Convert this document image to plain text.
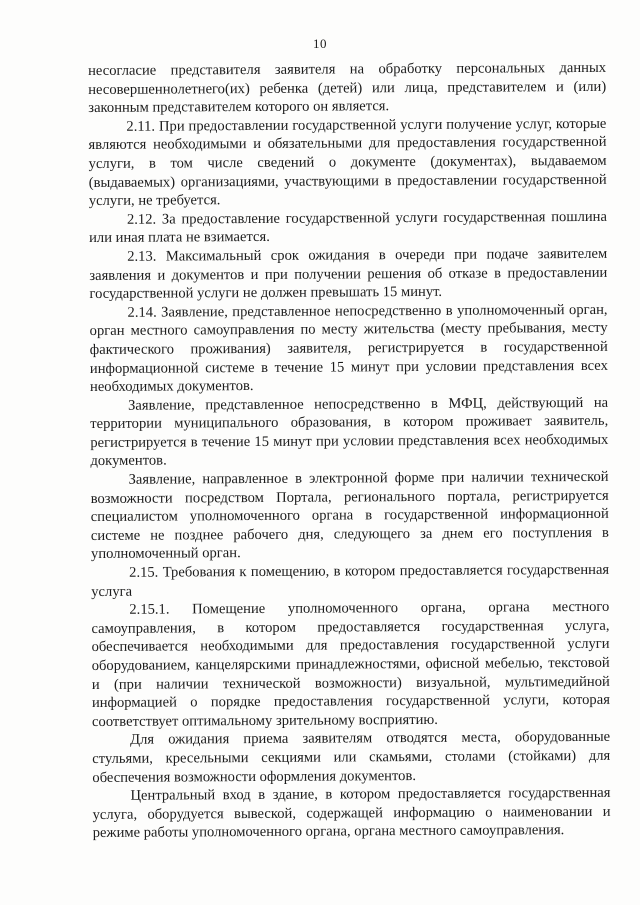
10

несогласие представителя заявителя на обработку персональных данных несовершеннолетнего(их) ребенка (детей) или лица, представителем и (или) законным представителем которого он является.

2.11. При предоставлении государственной услуги получение услуг, которые являются необходимыми и обязательными для предоставления государственной услуги, в том числе сведений о документе (документах), выдаваемом (выдаваемых) организациями, участвующими в предоставлении государственной услуги, не требуется.

2.12. За предоставление государственной услуги государственная пошлина или иная плата не взимается.

2.13. Максимальный срок ожидания в очереди при подаче заявителем заявления и документов и при получении решения об отказе в предоставлении государственной услуги не должен превышать 15 минут.

2.14. Заявление, представленное непосредственно в уполномоченный орган, орган местного самоуправления по месту жительства (месту пребывания, месту фактического проживания) заявителя, регистрируется в государственной информационной системе в течение 15 минут при условии представления всех необходимых документов.

Заявление, представленное непосредственно в МФЦ, действующий на территории муниципального образования, в котором проживает заявитель, регистрируется в течение 15 минут при условии представления всех необходимых документов.

Заявление, направленное в электронной форме при наличии технической возможности посредством Портала, регионального портала, регистрируется специалистом уполномоченного органа в государственной информационной системе не позднее рабочего дня, следующего за днем его поступления в уполномоченный орган.

2.15. Требования к помещению, в котором предоставляется государственная услуга

2.15.1. Помещение уполномоченного органа, органа местного самоуправления, в котором предоставляется государственная услуга, обеспечивается необходимыми для предоставления государственной услуги оборудованием, канцелярскими принадлежностями, офисной мебелью, текстовой и (при наличии технической возможности) визуальной, мультимедийной информацией о порядке предоставления государственной услуги, которая соответствует оптимальному зрительному восприятию.

Для ожидания приема заявителям отводятся места, оборудованные стульями, кресельными секциями или скамьями, столами (стойками) для обеспечения возможности оформления документов.

Центральный вход в здание, в котором предоставляется государственная услуга, оборудуется вывеской, содержащей информацию о наименовании и режиме работы уполномоченного органа, органа местного самоуправления.
